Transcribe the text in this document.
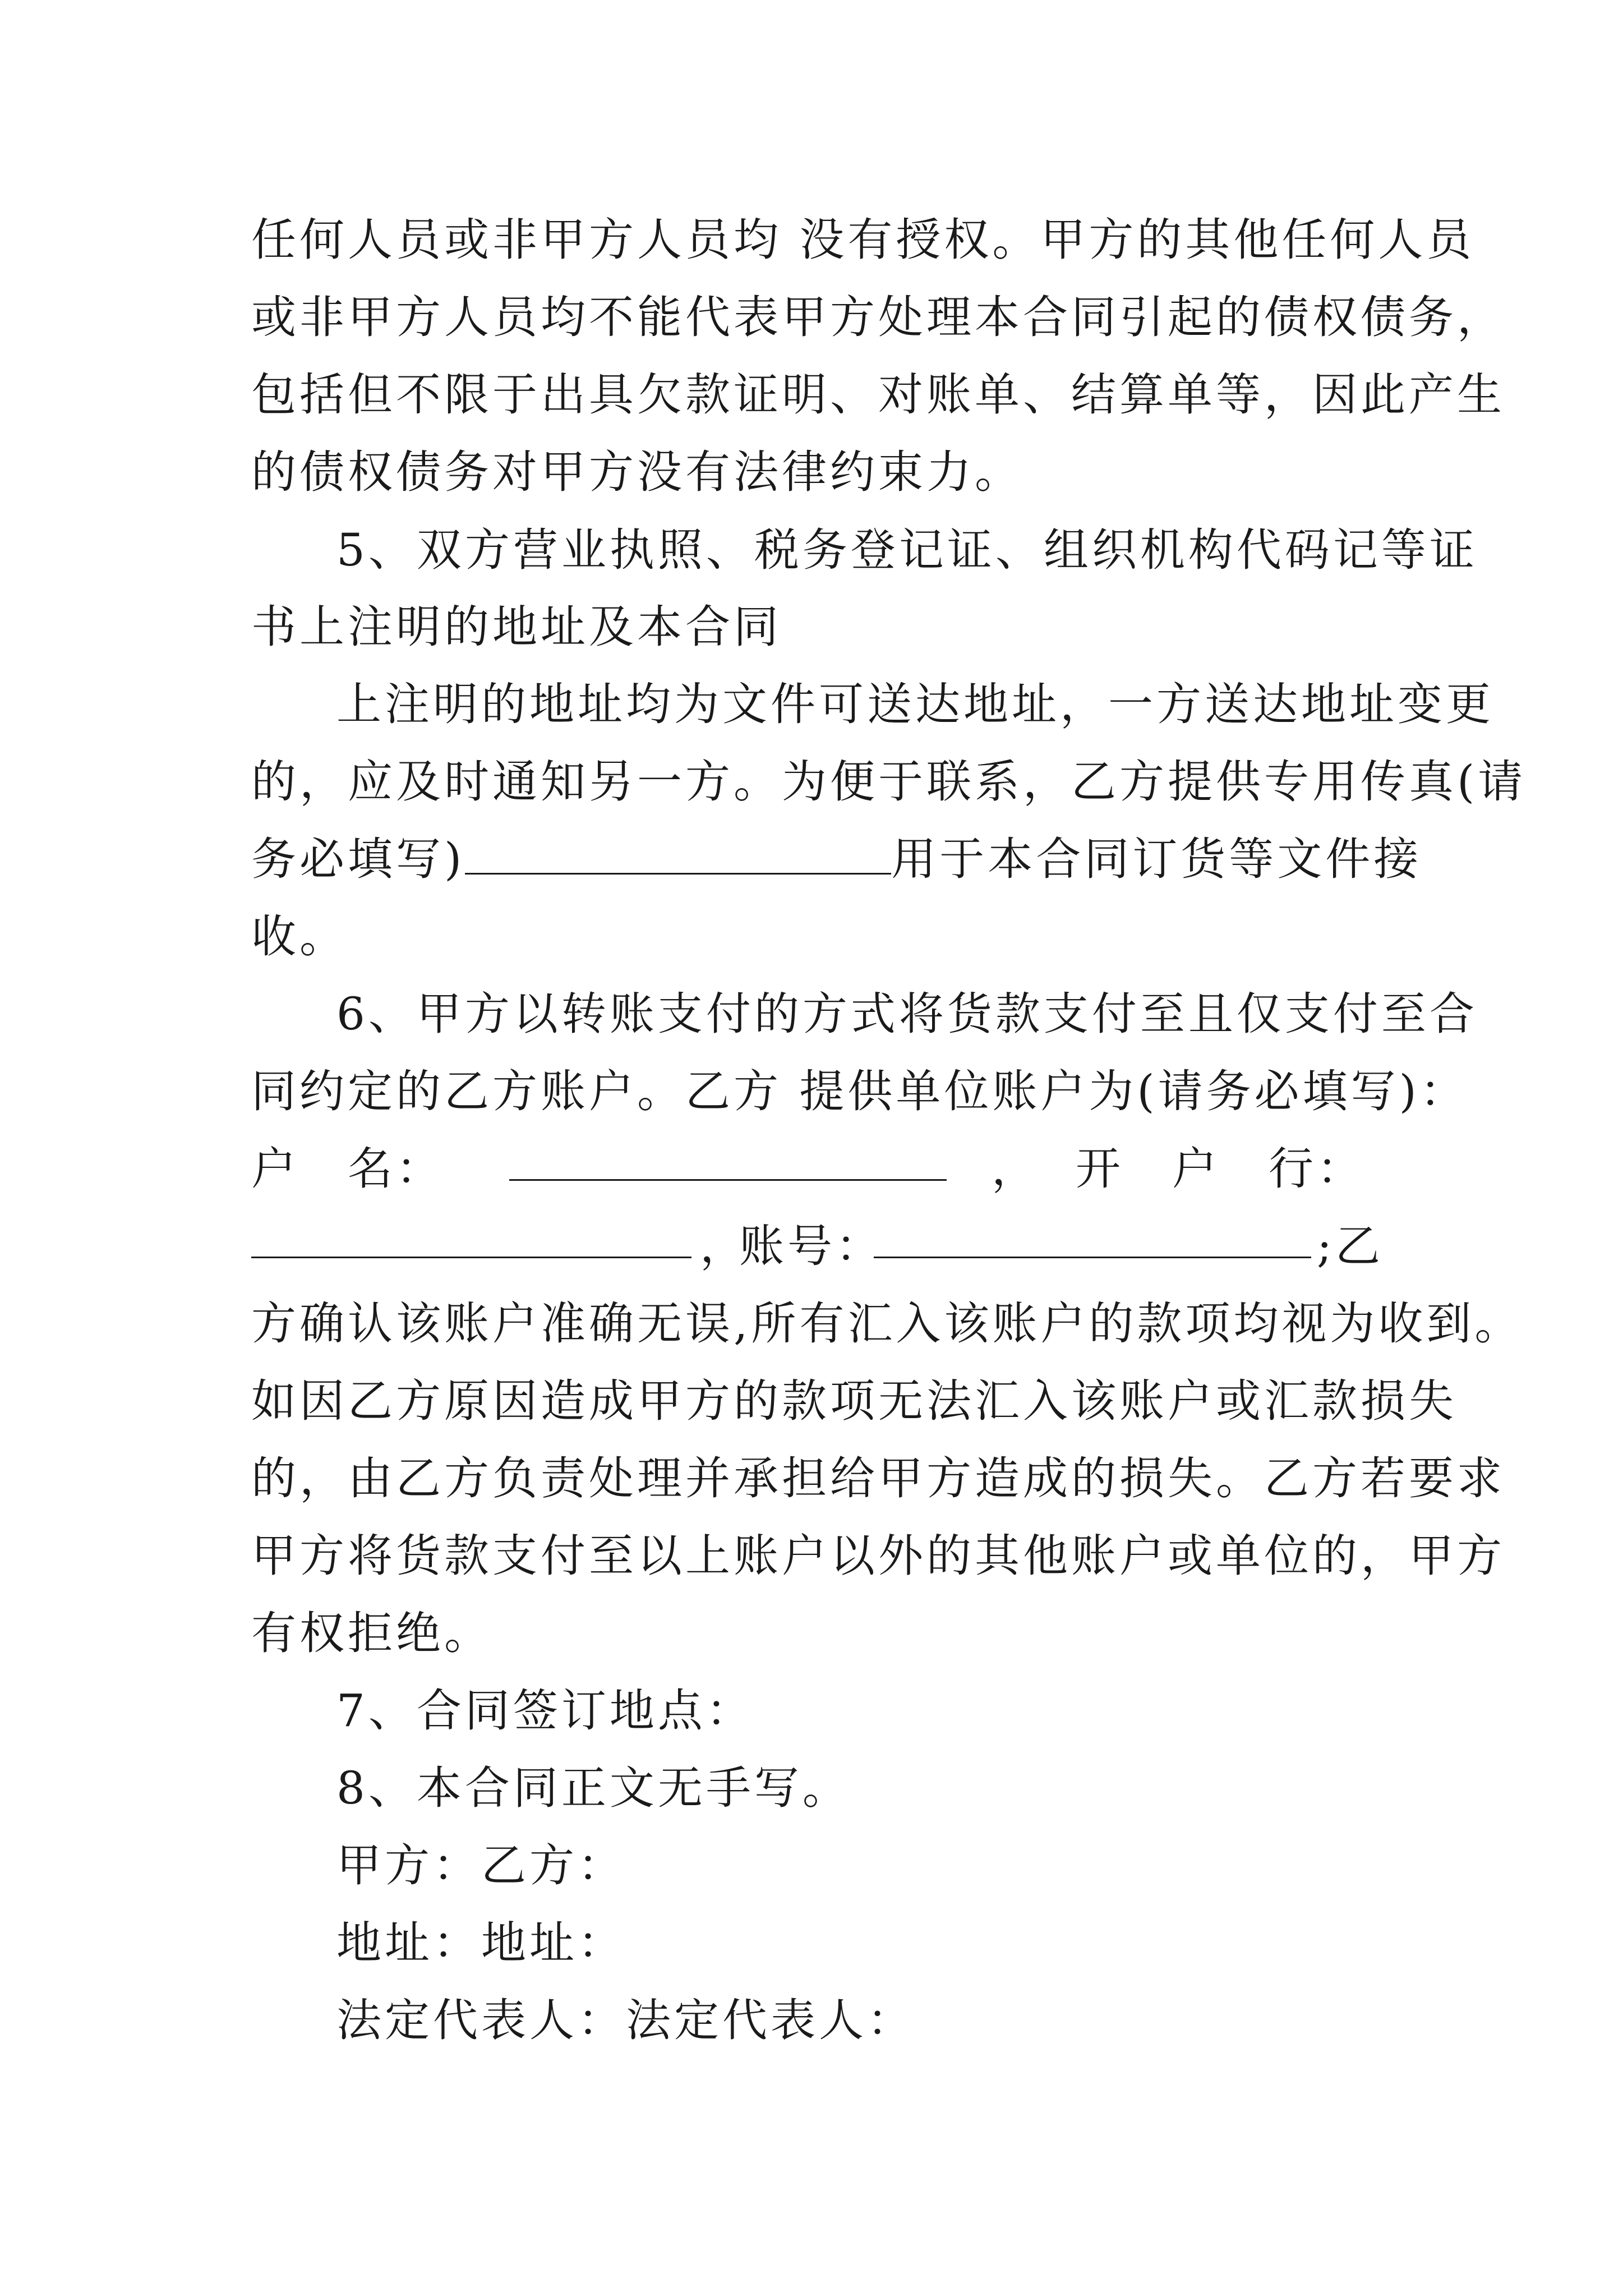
任何人员或非甲方人员均 没有授权。甲方的其他任何人员
或非甲方人员均不能代表甲方处理本合同引起的债权债务，
包括但不限于出具欠款证明、对账单、结算单等，因此产生
的债权债务对甲方没有法律约束力。
5、双方营业执照、税务登记证、组织机构代码记等证
书上注明的地址及本合同
上注明的地址均为文件可送达地址，一方送达地址变更
的，应及时通知另一方。为便于联系，乙方提供专用传真(请
务必填写)	用于本合同订货等文件接
收。
6、甲方以转账支付的方式将货款支付至且仅支付至合
同约定的乙方账户。乙方 提供单位账户为(请务必填写)：
户　名：	， 开　户　行：
，
账号：	;乙
方确认该账户准确无误,所有汇入该账户的款项均视为收到。
如因乙方原因造成甲方的款项无法汇入该账户或汇款损失
的，由乙方负责处理并承担给甲方造成的损失。乙方若要求
甲方将货款支付至以上账户以外的其他账户或单位的，甲方
有权拒绝。
7、合同签订地点：
8、本合同正文无手写。
甲方：乙方：
地址：地址：
法定代表人：法定代表人：
